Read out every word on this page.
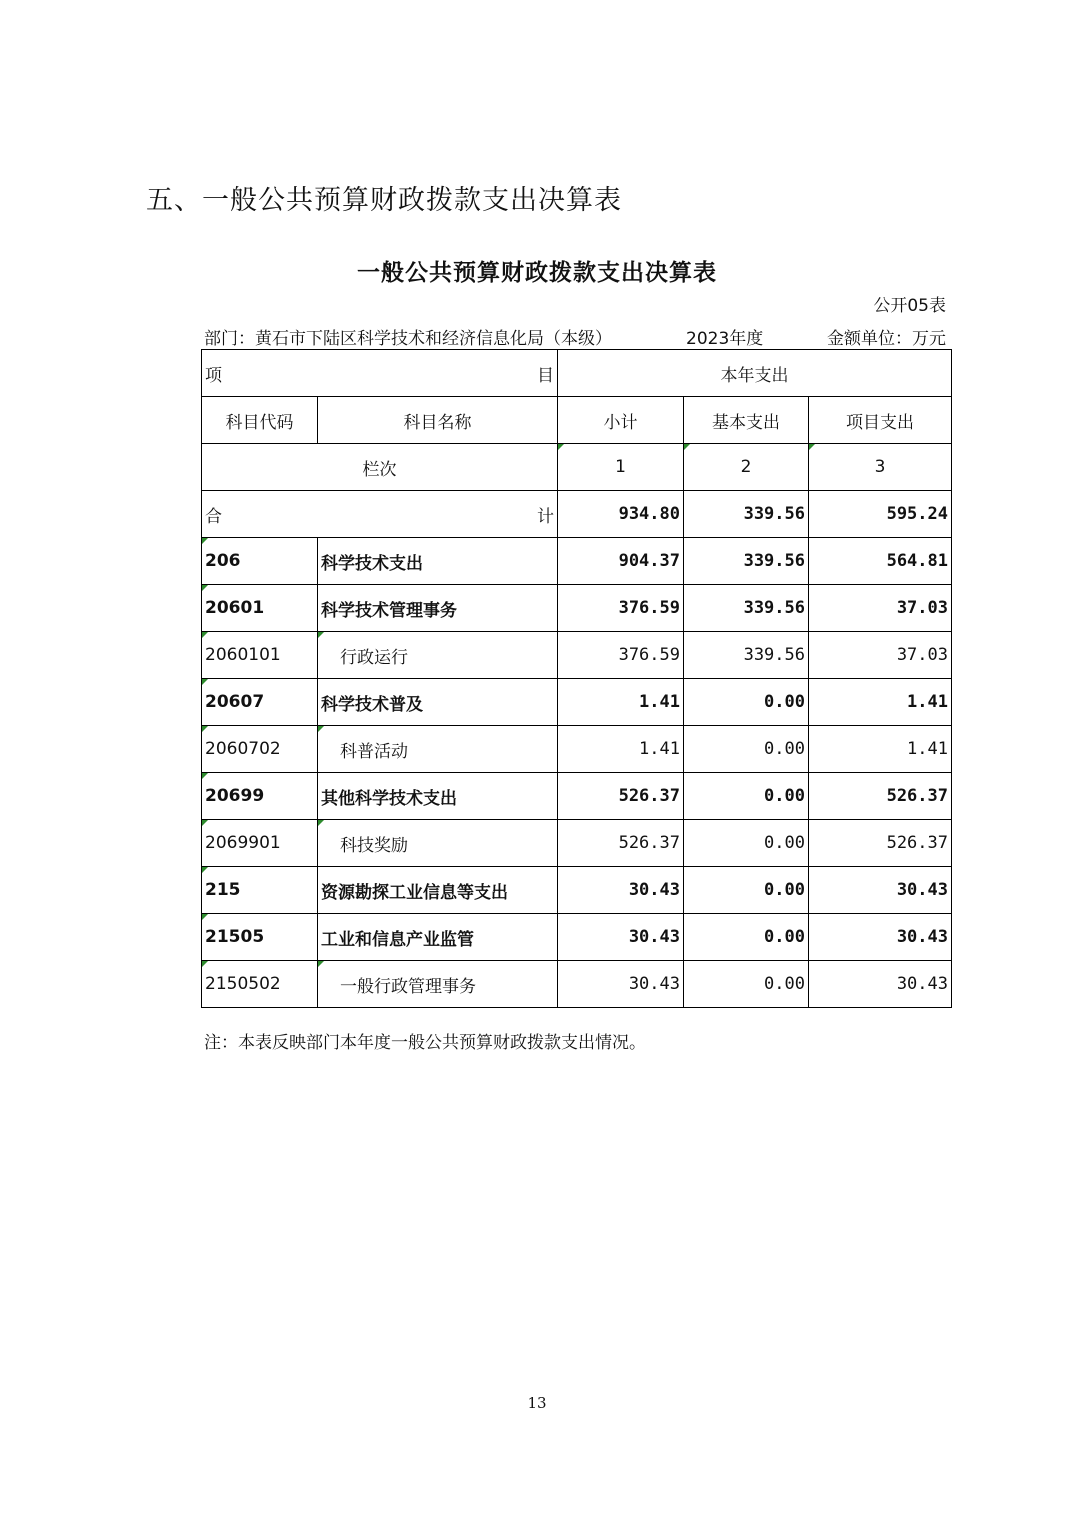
五、一般公共预算财政拨款支出决算表
一般公共预算财政拨款支出决算表
公开05表
部门：黄石市下陆区科学技术和经济信息化局（本级）	2023年度	金额单位：万元
项 目		本年支出		
科目代码	科目名称	小计	基本支出	项目支出
栏次		1	2	3

合 计		934.80	339.56	595.24
206	科学技术支出	904.37	339.56	564.81
20601	科学技术管理事务	376.59	339.56	37.03
2060101	行政运行	376.59	339.56	37.03
20607	科学技术普及	1.41	0.00	1.41
2060702	科普活动	1.41	0.00	1.41
20699	其他科学技术支出	526.37	0.00	526.37
2069901	科技奖励	526.37	0.00	526.37
215	资源勘探工业信息等支出	30.43	0.00	30.43
21505	工业和信息产业监管	30.43	0.00	30.43
2150502	一般行政管理事务	30.43	0.00	30.43
注：本表反映部门本年度一般公共预算财政拨款支出情况。
13
